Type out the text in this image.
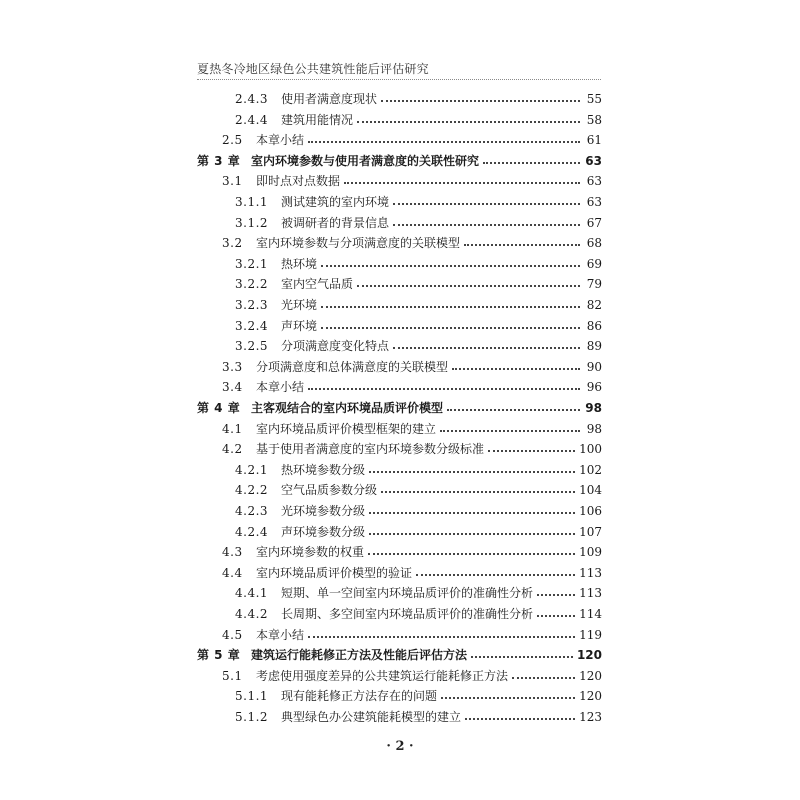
夏热冬冷地区绿色公共建筑性能后评估研究
2.4.3	使用者满意度现状	55
2.4.4	建筑用能情况	58
2.5	本章小结	61
第 3 章 室内环境参数与使用者满意度的关联性研究	63
3.1	即时点对点数据	63
3.1.1	测试建筑的室内环境	63
3.1.2	被调研者的背景信息	67
3.2	室内环境参数与分项满意度的关联模型	68
3.2.1	热环境	69
3.2.2	室内空气品质	79
3.2.3	光环境	82
3.2.4	声环境	86
3.2.5	分项满意度变化特点	89
3.3	分项满意度和总体满意度的关联模型	90
3.4	本章小结	96
第 4 章 主客观结合的室内环境品质评价模型	98
4.1	室内环境品质评价模型框架的建立	98
4.2	基于使用者满意度的室内环境参数分级标准	100
4.2.1	热环境参数分级	102
4.2.2	空气品质参数分级	104
4.2.3	光环境参数分级	106
4.2.4	声环境参数分级	107
4.3	室内环境参数的权重	109
4.4	室内环境品质评价模型的验证	113
4.4.1	短期、单一空间室内环境品质评价的准确性分析	113
4.4.2	长周期、多空间室内环境品质评价的准确性分析	114
4.5	本章小结	119
第 5 章 建筑运行能耗修正方法及性能后评估方法	120
5.1	考虑使用强度差异的公共建筑运行能耗修正方法	120
5.1.1	现有能耗修正方法存在的问题	120
5.1.2	典型绿色办公建筑能耗模型的建立	123
· 2 ·
